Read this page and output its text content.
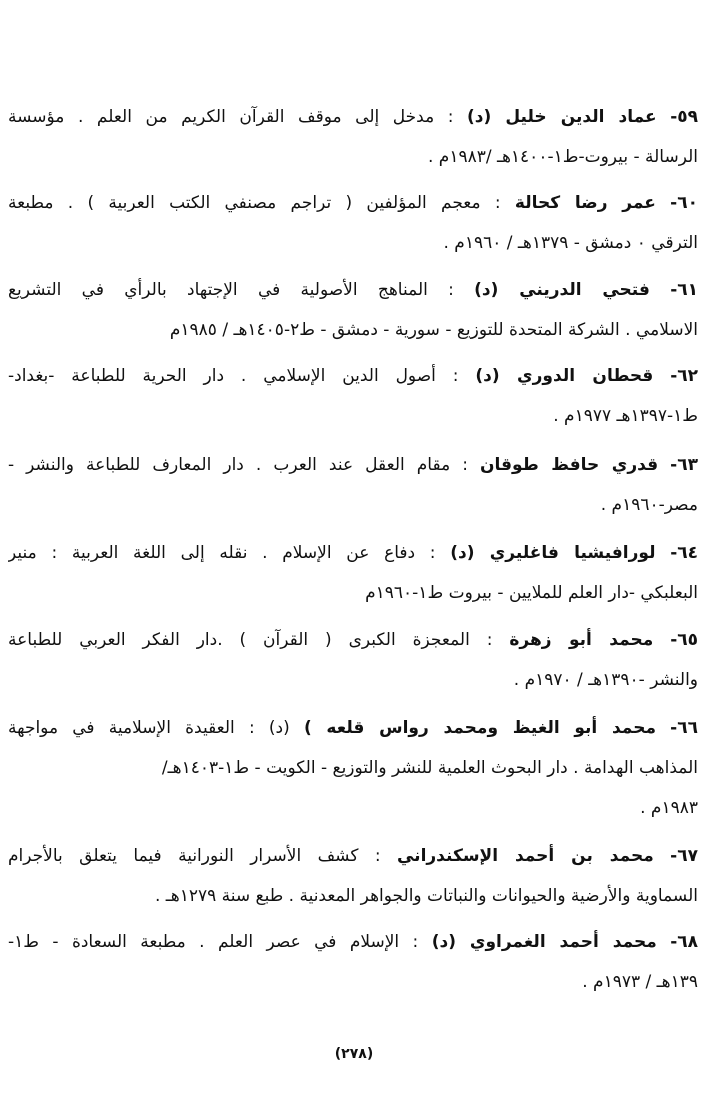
٥٩- عماد الدين خليل (د) : مدخل إلى موقف القرآن الكريم من العلم . مؤسسة
الرسالة - بيروت-ط١-١٤٠٠هـ /١٩٨٣م .
٦٠- عمر رضا كحالة : معجم المؤلفين ( تراجم مصنفي الكتب العربية ) . مطبعة
الترقي ٠ دمشق - ١٣٧٩هـ / ١٩٦٠م .
٦١- فتحي الدريني (د) : المناهج الأصولية في الإجتهاد بالرأي في التشريع
الاسلامي . الشركة المتحدة للتوزيع - سورية - دمشق - ط٢-١٤٠٥هـ / ١٩٨٥م
٦٢- قحطان الدوري (د) : أصول الدين الإسلامي . دار الحرية للطباعة -بغداد-
ط١-١٣٩٧هـ ١٩٧٧م .
٦٣- قدري حافظ طوقان : مقام العقل عند العرب . دار المعارف للطباعة والنشر -
مصر-١٩٦٠م .
٦٤- لورافيشيا فاغليري (د) : دفاع عن الإسلام . نقله إلى اللغة العربية : منير
البعلبكي -دار العلم للملايين - بيروت ط١-١٩٦٠م
٦٥- محمد أبو زهرة : المعجزة الكبرى ( القرآن ) .دار الفكر العربي للطباعة
والنشر -١٣٩٠هـ / ١٩٧٠م .
٦٦- محمد أبو الغيظ ومحمد رواس قلعه ) (د) : العقيدة الإسلامية في مواجهة
المذاهب الهدامة . دار البحوث العلمية للنشر والتوزيع - الكويت - ط١-١٤٠٣هـ/
١٩٨٣م .
٦٧- محمد بن أحمد الإسكندراني : كشف الأسرار النورانية فيما يتعلق بالأجرام
السماوية والأرضية والحيوانات والنباتات والجواهر المعدنية . طبع سنة ١٢٧٩هـ .
٦٨- محمد أحمد الغمراوي (د) : الإسلام في عصر العلم . مطبعة السعادة - ط١-
١٣٩هـ / ١٩٧٣م .
(٢٧٨)
